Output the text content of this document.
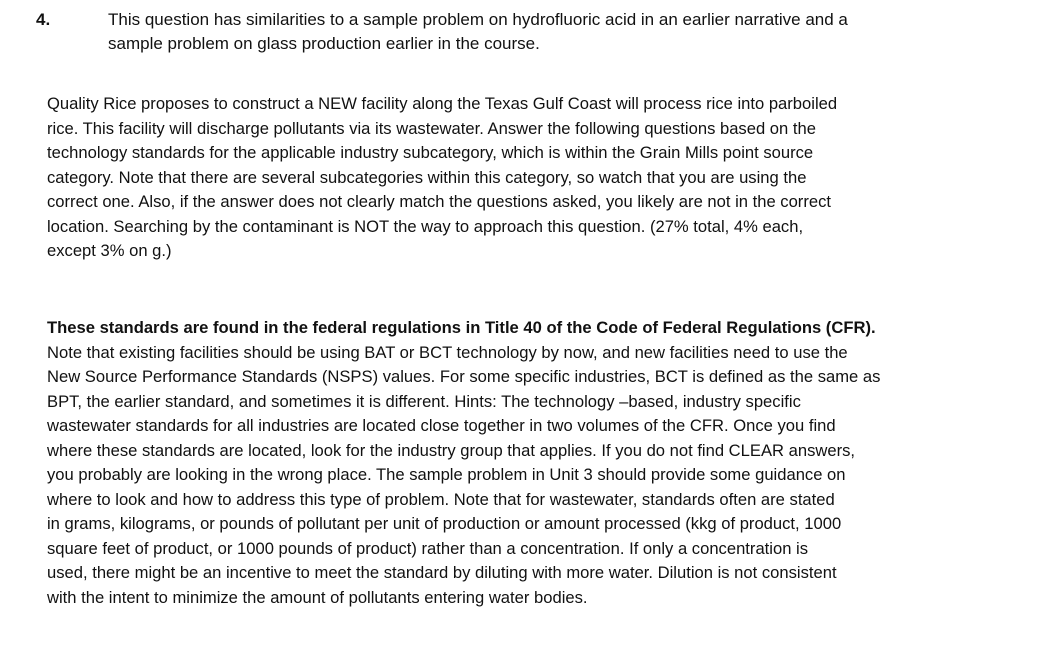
4.	This question has similarities to a sample problem on hydrofluoric acid in an earlier narrative and a
sample problem on glass production earlier in the course.
Quality Rice proposes to construct a NEW facility along the Texas Gulf Coast will process rice into parboiled
rice. This facility will discharge pollutants via its wastewater. Answer the following questions based on the
technology standards for the applicable industry subcategory, which is within the Grain Mills point source
category. Note that there are several subcategories within this category, so watch that you are using the
correct one. Also, if the answer does not clearly match the questions asked, you likely are not in the correct
location. Searching by the contaminant is NOT the way to approach this question. (27% total, 4% each,
except 3% on g.)
These standards are found in the federal regulations in Title 40 of the Code of Federal Regulations (CFR).
Note that existing facilities should be using BAT or BCT technology by now, and new facilities need to use the
New Source Performance Standards (NSPS) values. For some specific industries, BCT is defined as the same as
BPT, the earlier standard, and sometimes it is different. Hints: The technology –based, industry specific
wastewater standards for all industries are located close together in two volumes of the CFR. Once you find
where these standards are located, look for the industry group that applies. If you do not find CLEAR answers,
you probably are looking in the wrong place. The sample problem in Unit 3 should provide some guidance on
where to look and how to address this type of problem. Note that for wastewater, standards often are stated
in grams, kilograms, or pounds of pollutant per unit of production or amount processed (kkg of product, 1000
square feet of product, or 1000 pounds of product) rather than a concentration. If only a concentration is
used, there might be an incentive to meet the standard by diluting with more water. Dilution is not consistent
with the intent to minimize the amount of pollutants entering water bodies.
